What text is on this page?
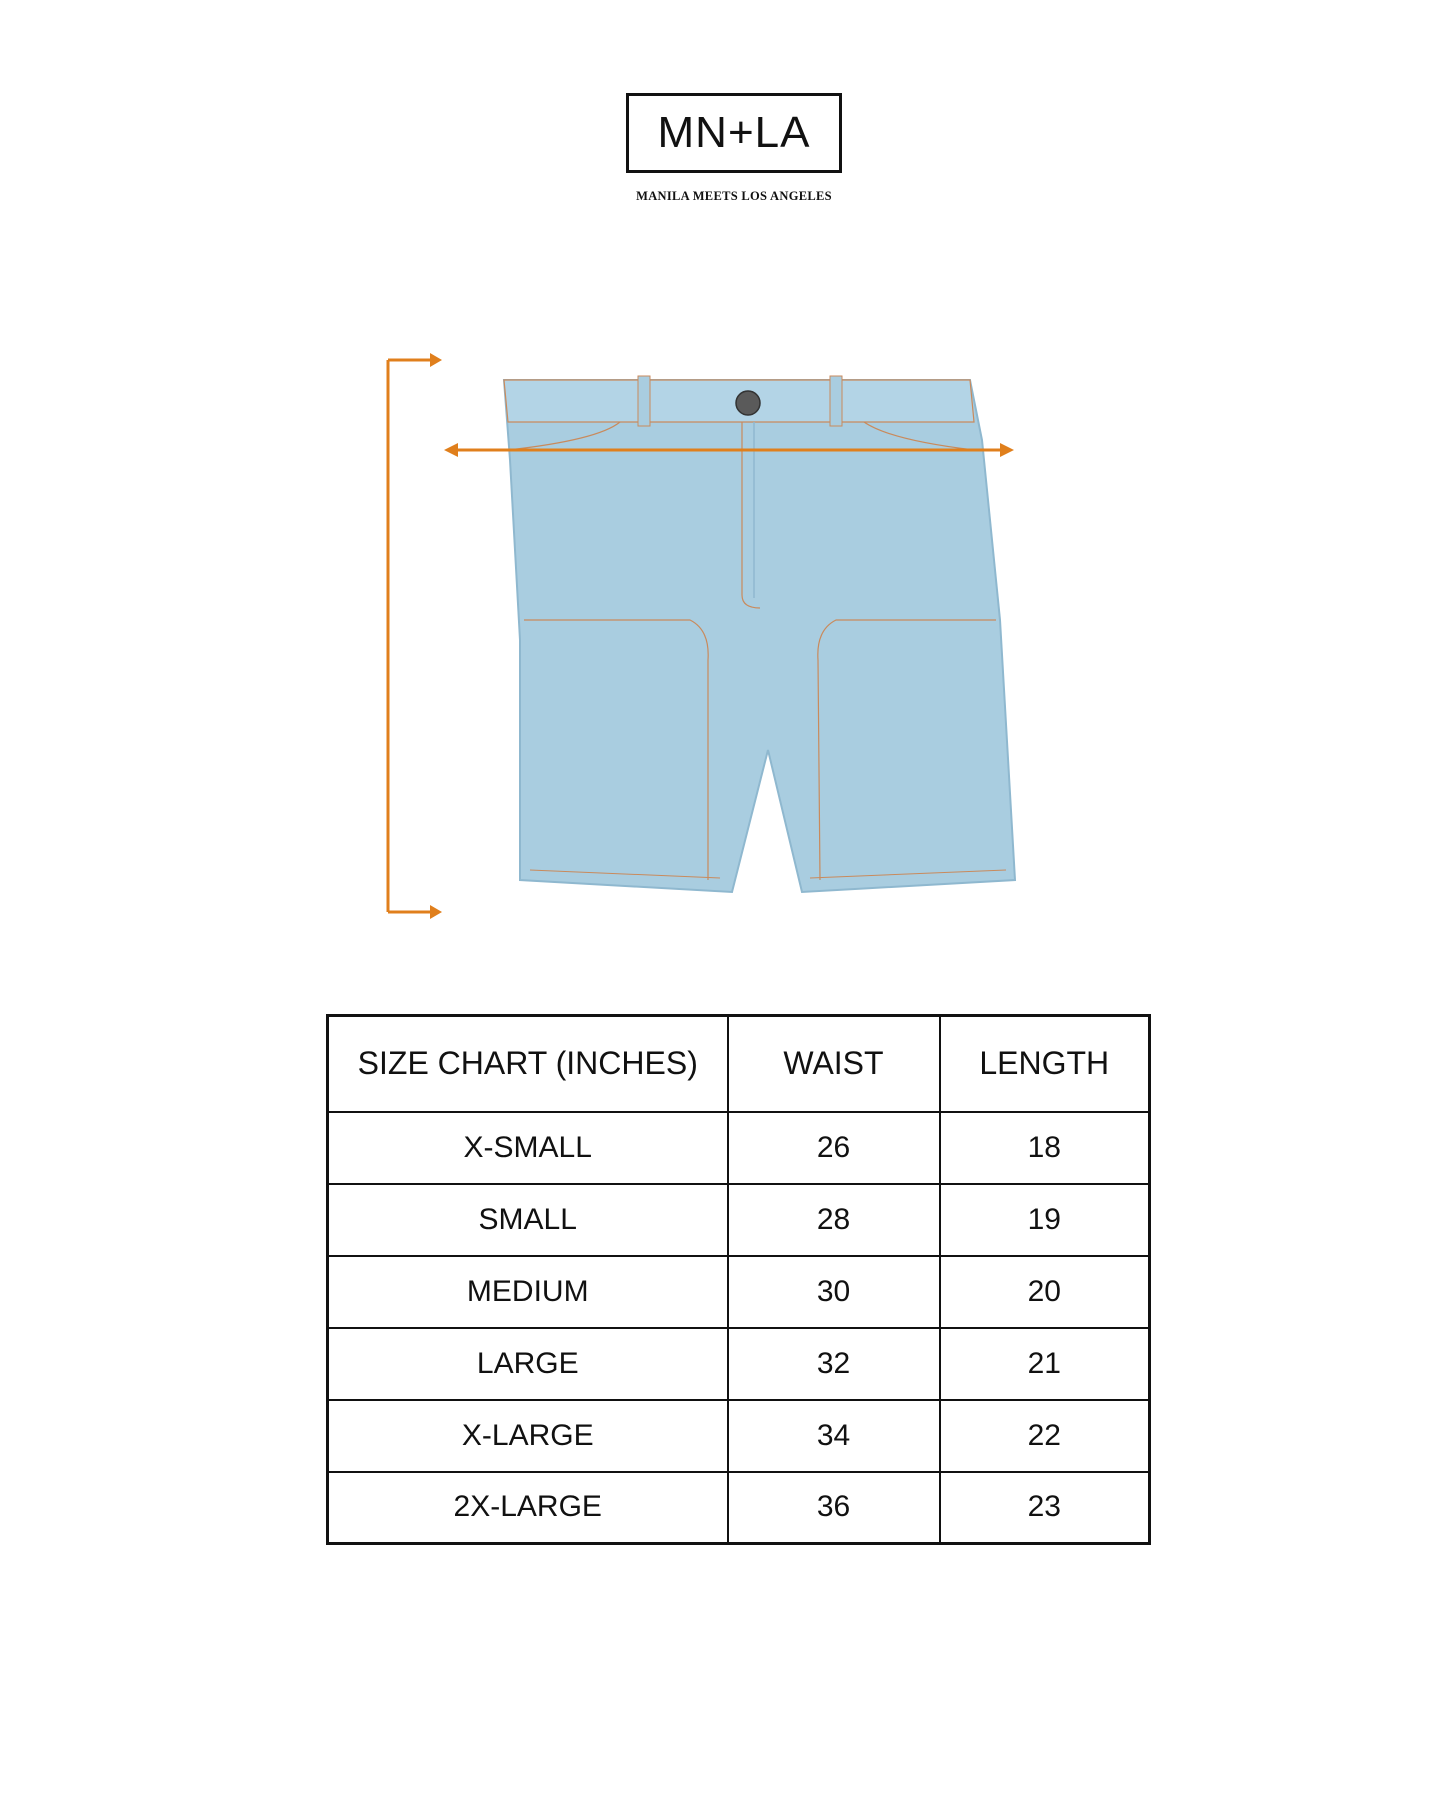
MN+LA
MANILA MEETS LOS ANGELES
SIZE CHART (INCHES)	WAIST	LENGTH
X-SMALL	26	18
SMALL	28	19
MEDIUM	30	20
LARGE	32	21
X-LARGE	34	22
2X-LARGE	36	23
